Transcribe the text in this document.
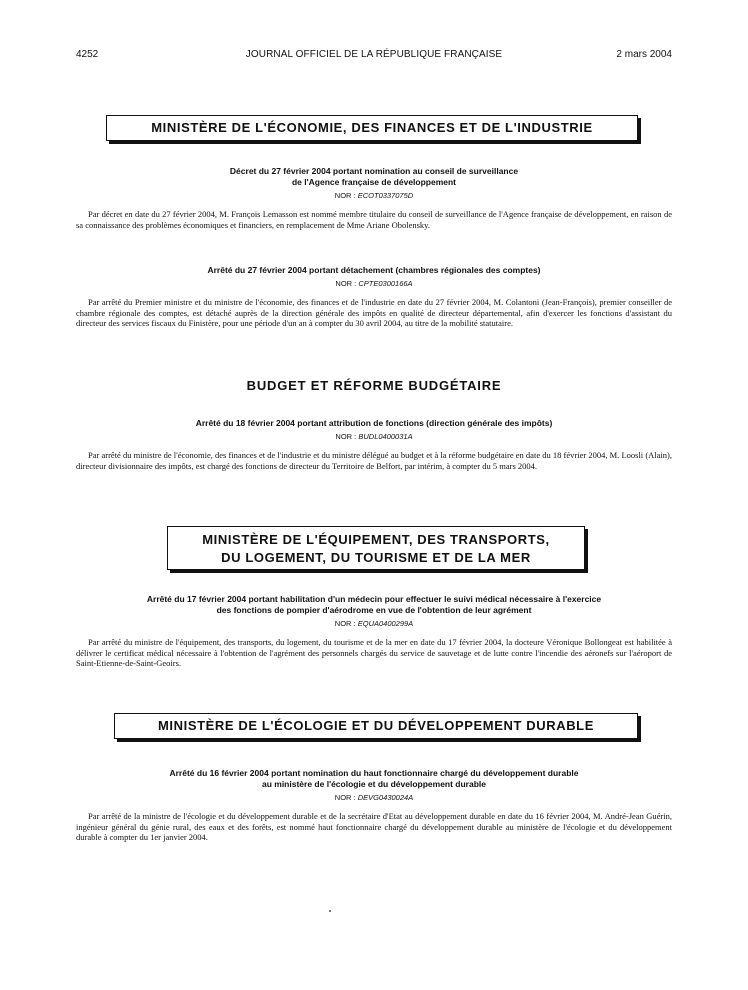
4252	JOURNAL OFFICIEL DE LA RÉPUBLIQUE FRANÇAISE	2 mars 2004
MINISTÈRE DE L'ÉCONOMIE, DES FINANCES ET DE L'INDUSTRIE
Décret du 27 février 2004 portant nomination au conseil de surveillance
de l'Agence française de développement
NOR : ECOT0337075D
Par décret en date du 27 février 2004, M. François Lemasson est nommé membre titulaire du conseil de surveillance de l'Agence française de développement, en raison de sa connaissance des problèmes économiques et financiers, en remplacement de Mme Ariane Obolensky.
Arrêté du 27 février 2004 portant détachement (chambres régionales des comptes)
NOR : CPTE0300166A
Par arrêté du Premier ministre et du ministre de l'économie, des finances et de l'industrie en date du 27 février 2004, M. Colantoni (Jean-François), premier conseiller de chambre régionale des comptes, est détaché auprès de la direction générale des impôts en qualité de directeur départemental, afin d'exercer les fonctions d'assistant du directeur des services fiscaux du Finistère, pour une période d'un an à compter du 30 avril 2004, au titre de la mobilité statutaire.
BUDGET ET RÉFORME BUDGÉTAIRE
Arrêté du 18 février 2004 portant attribution de fonctions (direction générale des impôts)
NOR : BUDL0400031A
Par arrêté du ministre de l'économie, des finances et de l'industrie et du ministre délégué au budget et à la réforme budgétaire en date du 18 février 2004, M. Loosli (Alain), directeur divisionnaire des impôts, est chargé des fonctions de directeur du Territoire de Belfort, par intérim, à compter du 5 mars 2004.
MINISTÈRE DE L'ÉQUIPEMENT, DES TRANSPORTS,
DU LOGEMENT, DU TOURISME ET DE LA MER
Arrêté du 17 février 2004 portant habilitation d'un médecin pour effectuer le suivi médical nécessaire à l'exercice
des fonctions de pompier d'aérodrome en vue de l'obtention de leur agrément
NOR : EQUA0400299A
Par arrêté du ministre de l'équipement, des transports, du logement, du tourisme et de la mer en date du 17 février 2004, la docteure Véronique Bollongeat est habilitée à délivrer le certificat médical nécessaire à l'obtention de l'agrément des personnels chargés du service de sauvetage et de lutte contre l'incendie des aéronefs sur l'aéroport de Saint-Etienne-de-Saint-Geoirs.
MINISTÈRE DE L'ÉCOLOGIE ET DU DÉVELOPPEMENT DURABLE
Arrêté du 16 février 2004 portant nomination du haut fonctionnaire chargé du développement durable
au ministère de l'écologie et du développement durable
NOR : DEVG0430024A
Par arrêté de la ministre de l'écologie et du développement durable et de la secrétaire d'Etat au développement durable en date du 16 février 2004, M. André-Jean Guérin, ingénieur général du génie rural, des eaux et des forêts, est nommé haut fonctionnaire chargé du développement durable au ministère de l'écologie et du développement durable à compter du 1er janvier 2004.
